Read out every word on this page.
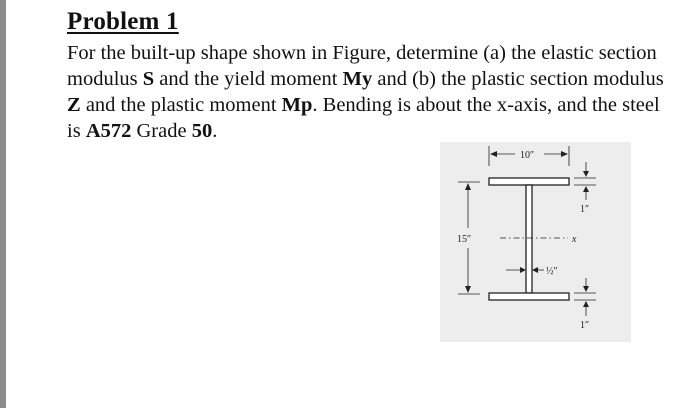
Problem 1
For the built-up shape shown in Figure, determine (a) the elastic section modulus S and the yield moment My and (b) the plastic section modulus Z and the plastic moment Mp. Bending is about the x-axis, and the steel is A572 Grade 50.
10″
15″	x
1″
½″
1″
